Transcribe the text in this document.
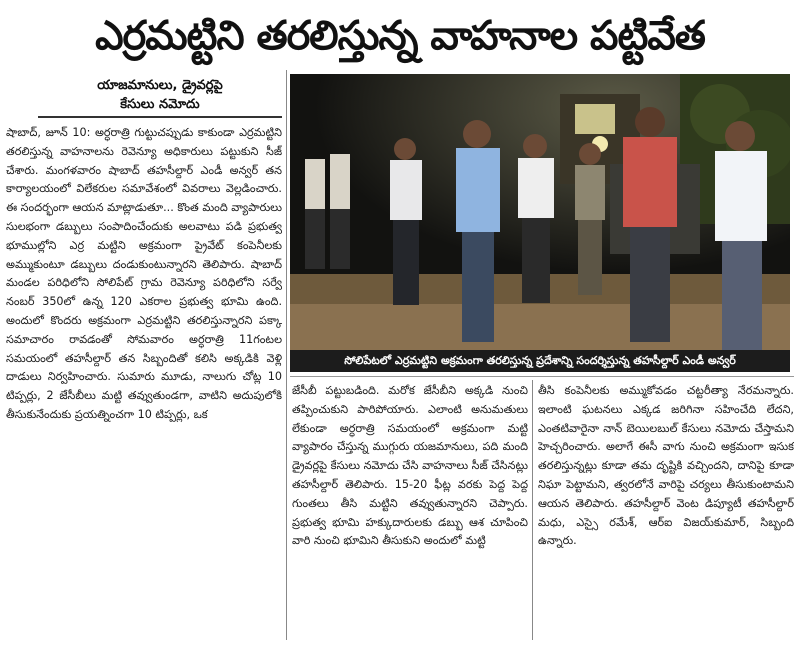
ఎర్రమట్టిని తరలిస్తున్న వాహనాల పట్టివేత
యాజమానులు, డ్రైవర్లపై
కేసులు నమోదు

షాబాద్, జూన్ 10: అర్ధరాత్రి గుట్టుచప్పుడు కాకుండా ఎర్రమట్టిని తరలిస్తున్న వాహనాలను రెవెన్యూ అధికారులు పట్టుకుని సీజ్ చేశారు. మంగళవారం షాబాద్ తహసీల్దార్ ఎండీ అన్వర్ తన కార్యాలయంలో విలేకరుల సమావేశంలో వివరాలు వెల్లడించారు. ఈ సందర్భంగా ఆయన మాట్లాడుతూ... కొంత మంది వ్యాపారులు సులభంగా డబ్బులు సంపాదించేందుకు అలవాటు పడి ప్రభుత్వ భూముల్లోని ఎర్ర మట్టిని అక్రమంగా ప్రైవేట్ కంపెనీలకు అమ్ముకుంటూ డబ్బులు దండుకుంటున్నారని తెలిపారు. షాబాద్ మండల పరిధిలోని సోలిపేట్ గ్రామ రెవెన్యూ పరిధిలోని సర్వే నంబర్ 350లో ఉన్న 120 ఎకరాల ప్రభుత్వ భూమి ఉంది. అందులో కొందరు అక్రమంగా ఎర్రమట్టిని తరలిస్తున్నారని పక్కా సమాచారం రావడంతో సోమవారం అర్ధరాత్రి 11గంటల సమయంలో తహసీల్దార్ తన సిబ్బందితో కలిసి అక్కడికి వెళ్లి దాడులు నిర్వహించారు. సుమారు మూడు, నాలుగు చోట్ల 10 టిప్పర్లు, 2 జేసీబీలు మట్టి తవ్వుతుండగా, వాటిని అదుపులోకి తీసుకునేందుకు ప్రయత్నించగా 10 టిప్పర్లు, ఒక

సోలిపేటలో ఎర్రమట్టిని అక్రమంగా తరలిస్తున్న ప్రదేశాన్ని సందర్శిస్తున్న తహసీల్దార్ ఎండీ అన్వర్

జేసీబీ పట్టుబడింది. మరోక జేసీబీని అక్కడి నుంచి తప్పించుకుని పారిపోయారు. ఎలాంటి అనుమతులు లేకుండా అర్ధరాత్రి సమయంలో అక్రమంగా మట్టి వ్యాపారం చేస్తున్న ముగ్గురు యజమానులు, పది మంది డ్రైవర్లపై కేసులు నమోదు చేసి వాహనాలు సీజ్ చేసినట్లు తహసీల్దార్ తెలిపారు. 15-20 ఫీట్ల వరకు పెద్ద పెద్ద గుంతలు తీసి మట్టిని తవ్వుతున్నారని చెప్పారు. ప్రభుత్వ భూమి హక్కుదారులకు డబ్బు ఆశ చూపించి వారి నుంచి భూమిని తీసుకుని అందులో మట్టి

తీసి కంపెనీలకు అమ్ముకోవడం చట్టరీత్యా నేరమన్నారు. ఇలాంటి ఘటనలు ఎక్కడ జరిగినా సహించేది లేదని, ఎంతటివారైనా నాన్ బెయిలబుల్ కేసులు నమోదు చేస్తామని హెచ్చరించారు. అలాగే ఈసీ వాగు నుంచి అక్రమంగా ఇసుక తరలిస్తున్నట్లు కూడా తమ దృష్టికి వచ్చిందని, దానిపై కూడా నిఘా పెట్టామని, త్వరలోనే వారిపై చర్యలు తీసుకుంటామని ఆయన తెలిపారు. తహసీల్దార్ వెంట డిప్యూటీ తహసీల్దార్ మధు, ఎస్సై రమేశ్, ఆర్ఐ విజయ్‌కుమార్, సిబ్బంది ఉన్నారు.
